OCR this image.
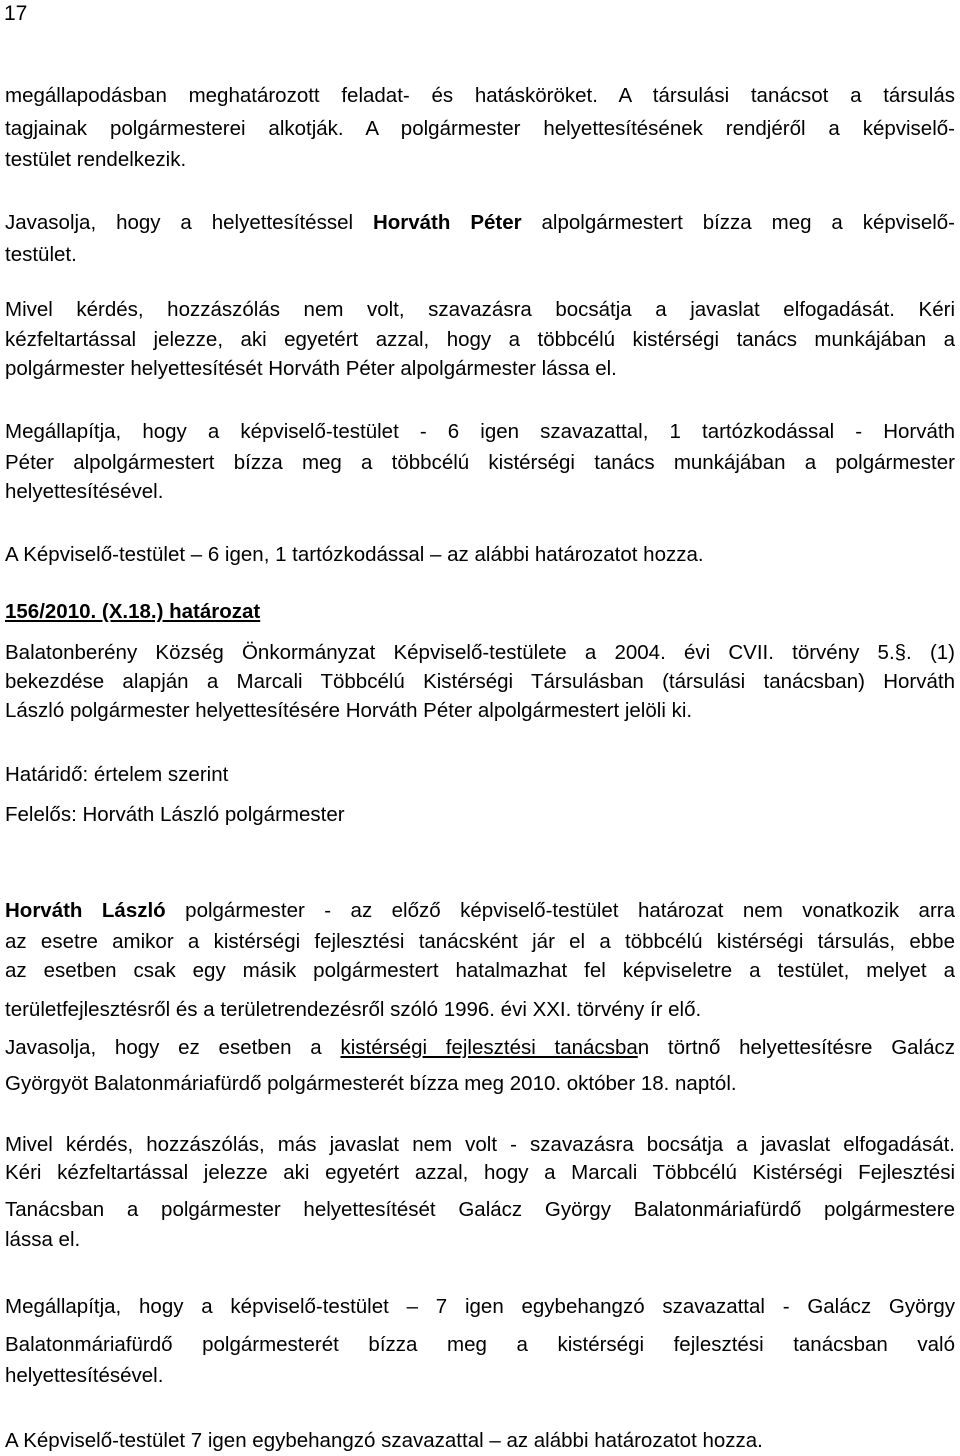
17
megállapodásban meghatározott feladat- és hatásköröket. A társulási tanácsot a társulás
tagjainak polgármesterei alkotják. A polgármester helyettesítésének rendjéről a képviselő-
testület rendelkezik.
Javasolja, hogy a helyettesítéssel Horváth Péter alpolgármestert bízza meg a képviselő-
testület.
Mivel kérdés, hozzászólás nem volt, szavazásra bocsátja a javaslat elfogadását. Kéri
kézfeltartással jelezze, aki egyetért azzal, hogy a többcélú kistérségi tanács munkájában a
polgármester helyettesítését Horváth Péter alpolgármester lássa el.
Megállapítja, hogy a képviselő-testület - 6 igen szavazattal, 1 tartózkodással - Horváth
Péter alpolgármestert bízza meg a többcélú kistérségi tanács munkájában a polgármester
helyettesítésével.
A Képviselő-testület – 6 igen, 1 tartózkodással – az alábbi határozatot hozza.
156/2010. (X.18.) határozat
Balatonberény Község Önkormányzat Képviselő-testülete a 2004. évi CVII. törvény 5.§. (1)
bekezdése alapján a Marcali Többcélú Kistérségi Társulásban (társulási tanácsban) Horváth
László polgármester helyettesítésére Horváth Péter alpolgármestert jelöli ki.
Határidő: értelem szerint
Felelős: Horváth László polgármester
Horváth László polgármester - az előző képviselő-testület határozat nem vonatkozik arra
az esetre amikor a kistérségi fejlesztési tanácsként jár el a többcélú kistérségi társulás, ebbe
az esetben csak egy másik polgármestert hatalmazhat fel képviseletre a testület, melyet a
területfejlesztésről és a területrendezésről szóló 1996. évi XXI. törvény ír elő.
Javasolja, hogy ez esetben a kistérségi fejlesztési tanácsban törtnő helyettesítésre Galácz
Györgyöt Balatonmáriafürdő polgármesterét bízza meg 2010. október 18. naptól.
Mivel kérdés, hozzászólás, más javaslat nem volt - szavazásra bocsátja a javaslat elfogadását.
Kéri kézfeltartással jelezze aki egyetért azzal, hogy a Marcali Többcélú Kistérségi Fejlesztési
Tanácsban a polgármester helyettesítését Galácz György Balatonmáriafürdő polgármestere
lássa el.
Megállapítja, hogy a képviselő-testület – 7 igen egybehangzó szavazattal - Galácz György
Balatonmáriafürdő polgármesterét bízza meg a kistérségi fejlesztési tanácsban való
helyettesítésével.
A Képviselő-testület 7 igen egybehangzó szavazattal – az alábbi határozatot hozza.
